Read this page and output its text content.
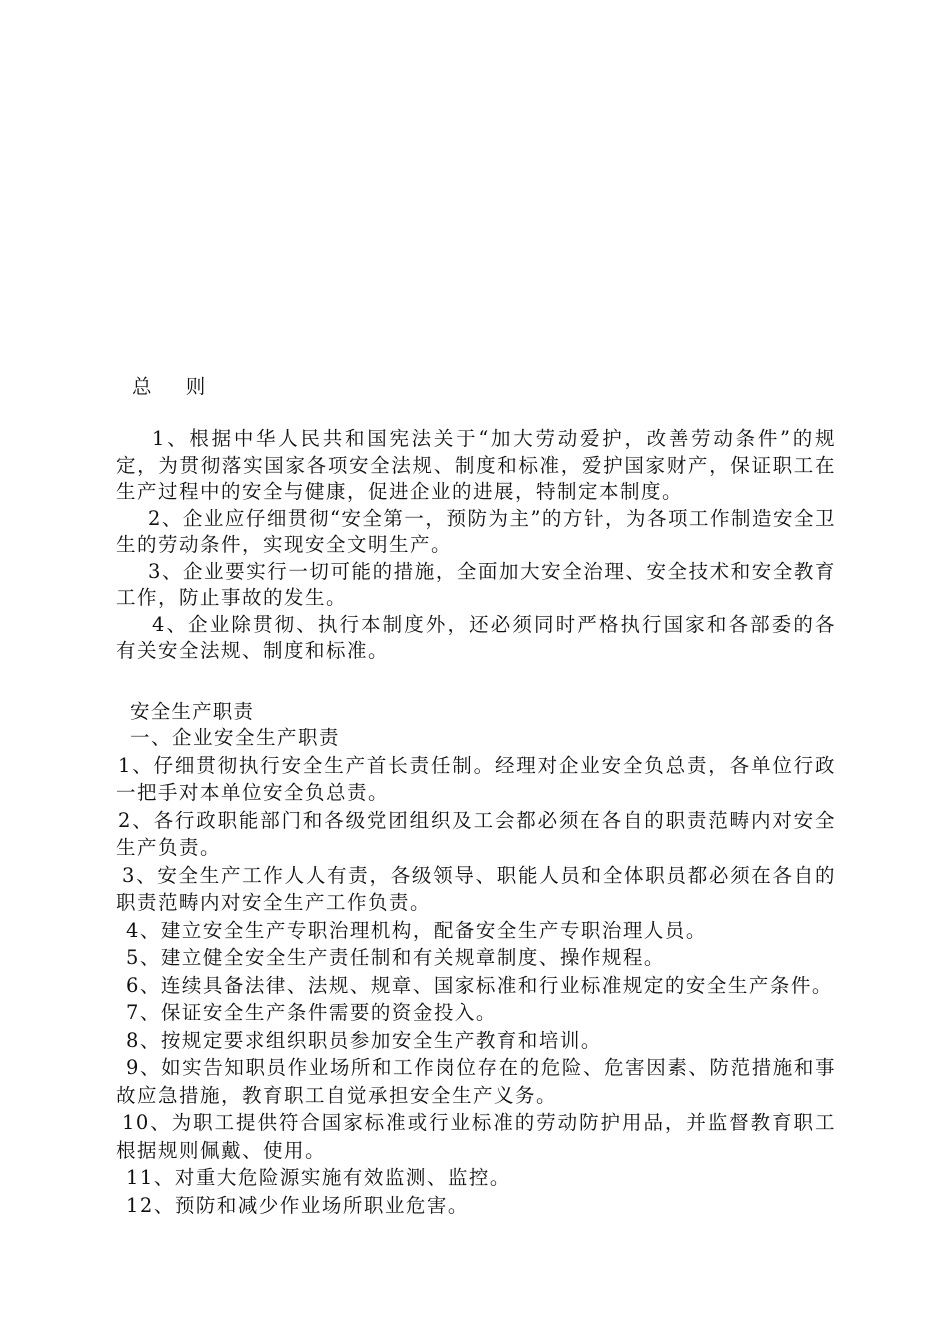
总 则

1、根据中华人民共和国宪法关于“加大劳动爱护，改善劳动条件”的规定，为贯彻落实国家各项安全法规、制度和标准，爱护国家财产，保证职工在生产过程中的安全与健康，促进企业的进展，特制定本制度。

2、企业应仔细贯彻“安全第一，预防为主”的方针，为各项工作制造安全卫生的劳动条件，实现安全文明生产。

3、企业要实行一切可能的措施，全面加大安全治理、安全技术和安全教育工作，防止事故的发生。

4、企业除贯彻、执行本制度外，还必须同时严格执行国家和各部委的各有关安全法规、制度和标准。

安全生产职责

一、企业安全生产职责

1、仔细贯彻执行安全生产首长责任制。经理对企业安全负总责，各单位行政一把手对本单位安全负总责。

2、各行政职能部门和各级党团组织及工会都必须在各自的职责范畴内对安全生产负责。

3、安全生产工作人人有责，各级领导、职能人员和全体职员都必须在各自的职责范畴内对安全生产工作负责。

4、建立安全生产专职治理机构，配备安全生产专职治理人员。

5、建立健全安全生产责任制和有关规章制度、操作规程。

6、连续具备法律、法规、规章、国家标准和行业标准规定的安全生产条件。

7、保证安全生产条件需要的资金投入。

8、按规定要求组织职员参加安全生产教育和培训。

9、如实告知职员作业场所和工作岗位存在的危险、危害因素、防范措施和事故应急措施，教育职工自觉承担安全生产义务。

10、为职工提供符合国家标准或行业标准的劳动防护用品，并监督教育职工根据规则佩戴、使用。

11、对重大危险源实施有效监测、监控。

12、预防和减少作业场所职业危害。
